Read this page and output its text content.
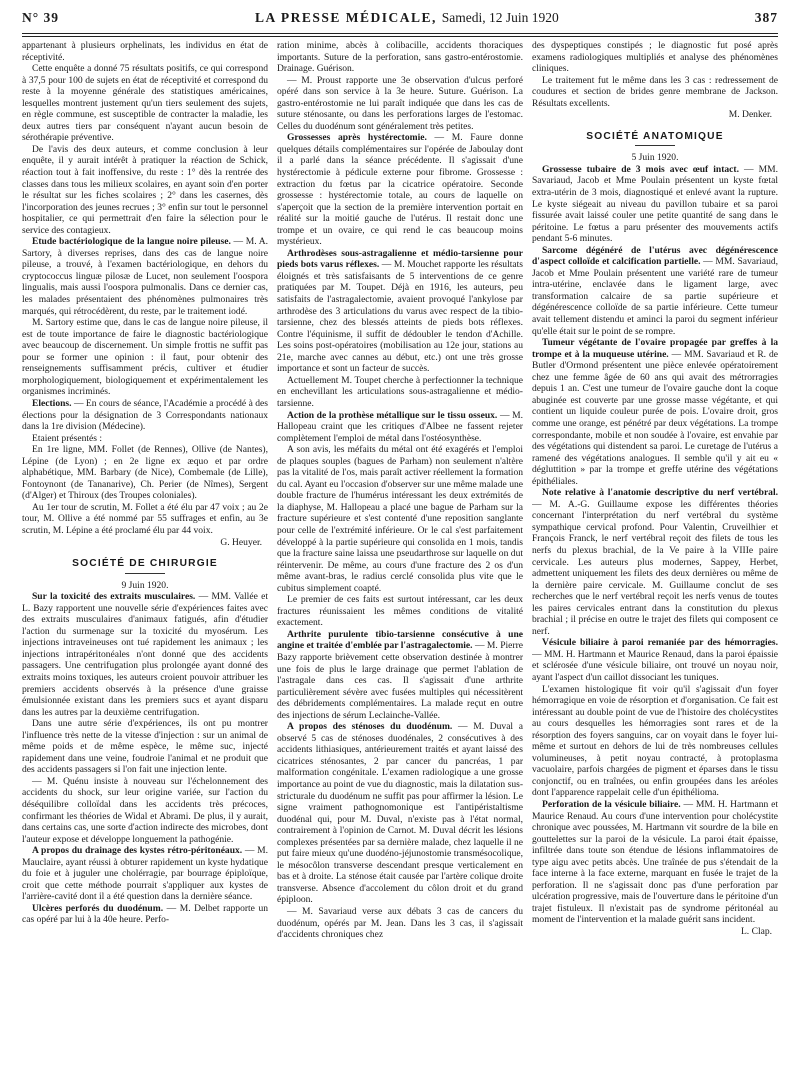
N° 39	LA PRESSE MÉDICALE, Samedi, 12 Juin 1920	387

appartenant à plusieurs orphelinats, les individus en état de réceptivité.

Cette enquête a donné 75 résultats positifs, ce qui correspond à 37,5 pour 100 de sujets en état de réceptivité et correspond du reste à la moyenne générale des statistiques américaines, lesquelles montrent justement qu'un tiers seulement des sujets, en règle commune, est susceptible de contracter la maladie, les deux autres tiers par conséquent n'ayant aucun besoin de sérothérapie préventive.

De l'avis des deux auteurs, et comme conclusion à leur enquête, il y aurait intérêt à pratiquer la réaction de Schick, réaction tout à fait inoffensive, du reste : 1° dès la rentrée des classes dans tous les milieux scolaires, en ayant soin d'en porter le résultat sur les fiches scolaires ; 2° dans les casernes, dès l'incorporation des jeunes recrues ; 3° enfin sur tout le personnel hospitalier, ce qui permettrait d'en faire la sélection pour le service des contagieux.

Etude bactériologique de la langue noire pileuse. — M. A. Sartory, à diverses reprises, dans des cas de langue noire pileuse, a trouvé, à l'examen bactériologique, en dehors du cryptococcus linguæ pilosæ de Lucet, non seulement l'oospora lingualis, mais aussi l'oospora pulmonalis. Dans ce dernier cas, les malades présentaient des phénomènes pulmonaires très marqués, qui rétrocédèrent, du reste, par le traitement iodé.

M. Sartory estime que, dans le cas de langue noire pileuse, il est de toute importance de faire le diagnostic bactériologique avec beaucoup de discernement. Un simple frottis ne suffit pas pour se former une opinion : il faut, pour obtenir des renseignements suffisamment précis, cultiver et étudier morphologiquement, biologiquement et expérimentalement les organismes incriminés.

Elections. — En cours de séance, l'Académie a procédé à des élections pour la désignation de 3 Correspondants nationaux dans la 1re division (Médecine).

Etaient présentés :

En 1re ligne, MM. Follet (de Rennes), Ollive (de Nantes), Lépine (de Lyon) ; en 2e ligne ex æquo et par ordre alphabétique, MM. Barbary (de Nice), Combemale (de Lille), Fontoynont (de Tananarive), Ch. Perier (de Nîmes), Sergent (d'Alger) et Thiroux (des Troupes coloniales).

Au 1er tour de scrutin, M. Follet a été élu par 47 voix ; au 2e tour, M. Ollive a été nommé par 55 suffrages et enfin, au 3e scrutin, M. Lépine a été proclamé élu par 44 voix.

G. Heuyer.

SOCIÉTÉ DE CHIRURGIE

9 Juin 1920.

Sur la toxicité des extraits musculaires. — MM. Vallée et L. Bazy rapportent une nouvelle série d'expériences faites avec des extraits musculaires d'animaux fatigués, afin d'étudier l'action du surmenage sur la toxicité du myosérum. Les injections intraveineuses ont tué rapidement les animaux ; les injections intrapéritonéales n'ont donné que des accidents passagers. Une centrifugation plus prolongée ayant donné des extraits moins toxiques, les auteurs croient pouvoir attribuer les premiers accidents observés à la présence d'une graisse émulsionnée existant dans les premiers sucs et ayant disparu dans les autres par la deuxième centrifugation.

Dans une autre série d'expériences, ils ont pu montrer l'influence très nette de la vitesse d'injection : sur un animal de même poids et de même espèce, le même suc, injecté rapidement dans une veine, foudroie l'animal et ne produit que des accidents passagers si l'on fait une injection lente.

— M. Quénu insiste à nouveau sur l'échelonnement des accidents du shock, sur leur origine variée, sur l'action du déséquilibre colloïdal dans les accidents très précoces, confirmant les théories de Widal et Abrami. De plus, il y aurait, dans certains cas, une sorte d'action indirecte des microbes, dont l'auteur expose et développe longuement la pathogénie.

A propos du drainage des kystes rétro-péritonéaux. — M. Mauclaire, ayant réussi à obturer rapidement un kyste hydatique du foie et à juguler une cholérragie, par bourrage épiploïque, croit que cette méthode pourrait s'appliquer aux kystes de l'arrière-cavité dont il a été question dans la dernière séance.

Ulcères perforés du duodénum. — M. Delbet rapporte un cas opéré par lui à la 40e heure. Perfo-

ration minime, abcès à colibacille, accidents thoraciques importants. Suture de la perforation, sans gastro-entérostomie. Drainage. Guérison.

— M. Proust rapporte une 3e observation d'ulcus perforé opéré dans son service à la 3e heure. Suture. Guérison. La gastro-entérostomie ne lui paraît indiquée que dans les cas de suture sténosante, ou dans les perforations larges de l'estomac. Celles du duodénum sont généralement très petites.

Grossesses après hystérectomie. — M. Faure donne quelques détails complémentaires sur l'opérée de Jaboulay dont il a parlé dans la séance précédente. Il s'agissait d'une hystérectomie à pédicule externe pour fibrome. Grossesse : extraction du fœtus par la cicatrice opératoire. Seconde grossesse : hystérectomie totale, au cours de laquelle on s'aperçoit que la section de la première intervention portait en réalité sur la moitié gauche de l'utérus. Il restait donc une trompe et un ovaire, ce qui rend le cas beaucoup moins mystérieux.

Arthrodèses sous-astragalienne et médio-tarsienne pour pieds bots varus réflexes. — M. Mouchet rapporte les résultats éloignés et très satisfaisants de 5 interventions de ce genre pratiquées par M. Toupet. Déjà en 1916, les auteurs, peu satisfaits de l'astragalectomie, avaient provoqué l'ankylose par arthrodèse des 3 articulations du varus avec respect de la tibio-tarsienne, chez des blessés atteints de pieds bots réflexes. Contre l'équinisme, il suffit de dédoubler le tendon d'Achille. Les soins post-opératoires (mobilisation au 12e jour, stations au 21e, marche avec cannes au début, etc.) ont une très grosse importance et sont un facteur de succès.

Actuellement M. Toupet cherche à perfectionner la technique en enchevillant les articulations sous-astragalienne et médio-tarsienne.

Action de la prothèse métallique sur le tissu osseux. — M. Hallopeau craint que les critiques d'Albee ne fassent rejeter complètement l'emploi de métal dans l'ostéosynthèse.

A son avis, les méfaits du métal ont été exagérés et l'emploi de plaques souples (bagues de Parham) non seulement n'altère pas la vitalité de l'os, mais paraît activer réellement la formation du cal. Ayant eu l'occasion d'observer sur une même malade une double fracture de l'humérus intéressant les deux extrémités de la diaphyse, M. Hallopeau a placé une bague de Parham sur la fracture supérieure et s'est contenté d'une reposition sanglante pour celle de l'extrémité inférieure. Or le cal s'est parfaitement développé à la partie supérieure qui consolida en 1 mois, tandis que la fracture saine laissa une pseudarthrose sur laquelle on dut réintervenir. De même, au cours d'une fracture des 2 os d'un même avant-bras, le radius cerclé consolida plus vite que le cubitus simplement coapté.

Le premier de ces faits est surtout intéressant, car les deux fractures réunissaient les mêmes conditions de vitalité exactement.

Arthrite purulente tibio-tarsienne consécutive à une angine et traitée d'emblée par l'astragalectomie. — M. Pierre Bazy rapporte brièvement cette observation destinée à montrer une fois de plus le large drainage que permet l'ablation de l'astragale dans ces cas. Il s'agissait d'une arthrite particulièrement sévère avec fusées multiples qui nécessitèrent des débridements complémentaires. La malade reçut en outre des injections de sérum Leclainche-Vallée.

A propos des sténoses du duodénum. — M. Duval a observé 5 cas de sténoses duodénales, 2 consécutives à des accidents lithiasiques, antérieurement traités et ayant laissé des cicatrices sténosantes, 2 par cancer du pancréas, 1 par malformation congénitale. L'examen radiologique a une grosse importance au point de vue du diagnostic, mais la dilatation sus-stricturale du duodénum ne suffit pas pour affirmer la lésion. Le signe vraiment pathognomonique est l'antipéristaltisme duodénal qui, pour M. Duval, n'existe pas à l'état normal, contrairement à l'opinion de Carnot. M. Duval décrit les lésions complexes présentées par sa dernière malade, chez laquelle il ne put faire mieux qu'une duodéno-jéjunostomie transmésocolique, le mésocôlon transverse descendant presque verticalement en bas et à droite. La sténose était causée par l'artère colique droite transverse. Absence d'accolement du côlon droit et du grand épiploon.

— M. Savariaud verse aux débats 3 cas de cancers du duodénum, opérés par M. Jean. Dans les 3 cas, il s'agissait d'accidents chroniques chez

des dyspeptiques constipés ; le diagnostic fut posé après examens radiologiques multipliés et analyse des phénomènes cliniques.

Le traitement fut le même dans les 3 cas : redressement de coudures et section de brides genre membrane de Jackson. Résultats excellents.

M. Denker.

SOCIÉTÉ ANATOMIQUE

5 Juin 1920.

Grossesse tubaire de 3 mois avec œuf intact. — MM. Savariaud, Jacob et Mme Poulain présentent un kyste fœtal extra-utérin de 3 mois, diagnostiqué et enlevé avant la rupture. Le kyste siégeait au niveau du pavillon tubaire et sa paroi fissurée avait laissé couler une petite quantité de sang dans le péritoine. Le fœtus a paru présenter des mouvements actifs pendant 5-6 minutes.

Sarcome dégénéré de l'utérus avec dégénérescence d'aspect colloïde et calcification partielle. — MM. Savariaud, Jacob et Mme Poulain présentent une variété rare de tumeur intra-utérine, enclavée dans le ligament large, avec transformation calcaire de sa partie supérieure et dégénérescence colloïde de sa partie inférieure. Cette tumeur avait tellement distendu et aminci la paroi du segment inférieur qu'elle était sur le point de se rompre.

Tumeur végétante de l'ovaire propagée par greffes à la trompe et à la muqueuse utérine. — MM. Savariaud et R. de Butler d'Ormond présentent une pièce enlevée opératoirement chez une femme âgée de 60 ans qui avait des métrorragies depuis 1 an. C'est une tumeur de l'ovaire gauche dont la coque abuginée est couverte par une grosse masse végétante, et qui contient un liquide couleur purée de pois. L'ovaire droit, gros comme une orange, est pénétré par deux végétations. La trompe correspondante, mobile et non soudée à l'ovaire, est envahie par des végétations qui distendent sa paroi. Le curetage de l'utérus a ramené des végétations analogues. Il semble qu'il y ait eu « dégluttition » par la trompe et greffe utérine des végétations épithéliales.

Note relative à l'anatomie descriptive du nerf vertébral. — M. A.-G. Guillaume expose les différentes théories concernant l'interprétation du nerf vertébral du système sympathique cervical profond. Pour Valentin, Cruveilhier et François Franck, le nerf vertébral reçoit des filets de tous les nerfs du plexus brachial, de la Ve paire à la VIIIe paire cervicale. Les auteurs plus modernes, Sappey, Herbet, admettent uniquement les filets des deux dernières ou même de la dernière paire cervicale. M. Guillaume conclut de ses recherches que le nerf vertébral reçoit les nerfs venus de toutes les paires cervicales entrant dans la constitution du plexus brachial ; il précise en outre le trajet des filets qui composent ce nerf.

Vésicule biliaire à paroi remaniée par des hémorragies. — MM. H. Hartmann et Maurice Renaud, dans la paroi épaissie et sclérosée d'une vésicule biliaire, ont trouvé un noyau noir, ayant l'aspect d'un caillot dissociant les tuniques.

L'examen histologique fit voir qu'il s'agissait d'un foyer hémorragique en voie de résorption et d'organisation. Ce fait est intéressant au double point de vue de l'histoire des cholécystites au cours desquelles les hémorragies sont rares et de la résorption des foyers sanguins, car on voyait dans le foyer lui-même et surtout en dehors de lui de très nombreuses cellules volumineuses, à petit noyau contracté, à protoplasma vacuolaire, parfois chargées de pigment et éparses dans le tissu conjonctif, ou en traînées, ou enfin groupées dans les aréoles dont l'apparence rappelait celle d'un épithélioma.

Perforation de la vésicule biliaire. — MM. H. Hartmann et Maurice Renaud. Au cours d'une intervention pour cholécystite chronique avec poussées, M. Hartmann vit sourdre de la bile en gouttelettes sur la paroi de la vésicule. La paroi était épaisse, infiltrée dans toute son étendue de lésions inflammatoires de type aigu avec petits abcès. Une traînée de pus s'étendait de la face interne à la face externe, marquant en fusée le trajet de la perforation. Il ne s'agissait donc pas d'une perforation par ulcération progressive, mais de l'ouverture dans le péritoine d'un trajet fistuleux. Il n'existait pas de syndrome péritonéal au moment de l'intervention et la malade guérit sans incident.

L. Clap.
